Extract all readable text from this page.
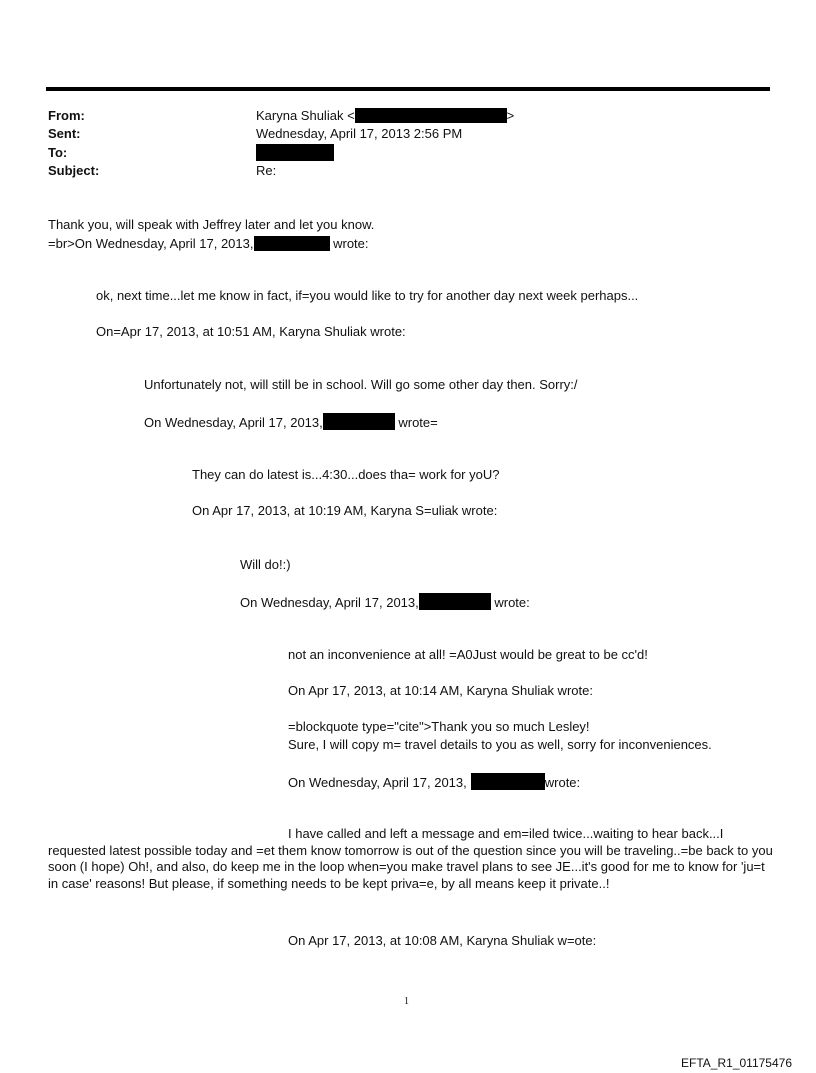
From:	Karyna Shuliak <	>
Sent:	Wednesday, April 17, 2013 2:56 PM
To:
Subject:	Re:
Thank you, will speak with Jeffrey later and let you know.
=br>On Wednesday, April 17, 2013,	wrote:
ok, next time...let me know in fact, if=you would like to try for another day next week perhaps...
On=Apr 17, 2013, at 10:51 AM, Karyna Shuliak wrote:
Unfortunately not, will still be in school. Will go some other day then. Sorry:/
On Wednesday, April 17, 2013,	wrote=
They can do latest is...4:30...does tha= work for yoU?
On Apr 17, 2013, at 10:19 AM, Karyna S=uliak wrote:
Will do!:)
On Wednesday, April 17, 2013,	wrote:
not an inconvenience at all! =A0Just would be great to be cc'd!
On Apr 17, 2013, at 10:14 AM, Karyna Shuliak wrote:
=blockquote type="cite">Thank you so much Lesley!
Sure, I will copy m= travel details to you as well, sorry for inconveniences.
On Wednesday, April 17, 2013,	wrote:
I have called and left a message and em=iled twice...waiting to hear back...I requested latest possible today and =et them know tomorrow is out of the question since you will be traveling..=be back to you soon (I hope) Oh!, and also, do keep me in the loop when=you make travel plans to see JE...it's good for me to know for 'ju=t in case' reasons! But please, if something needs to be kept priva=e, by all means keep it private..!
On Apr 17, 2013, at 10:08 AM, Karyna Shuliak w=ote:
1
EFTA_R1_01175476
